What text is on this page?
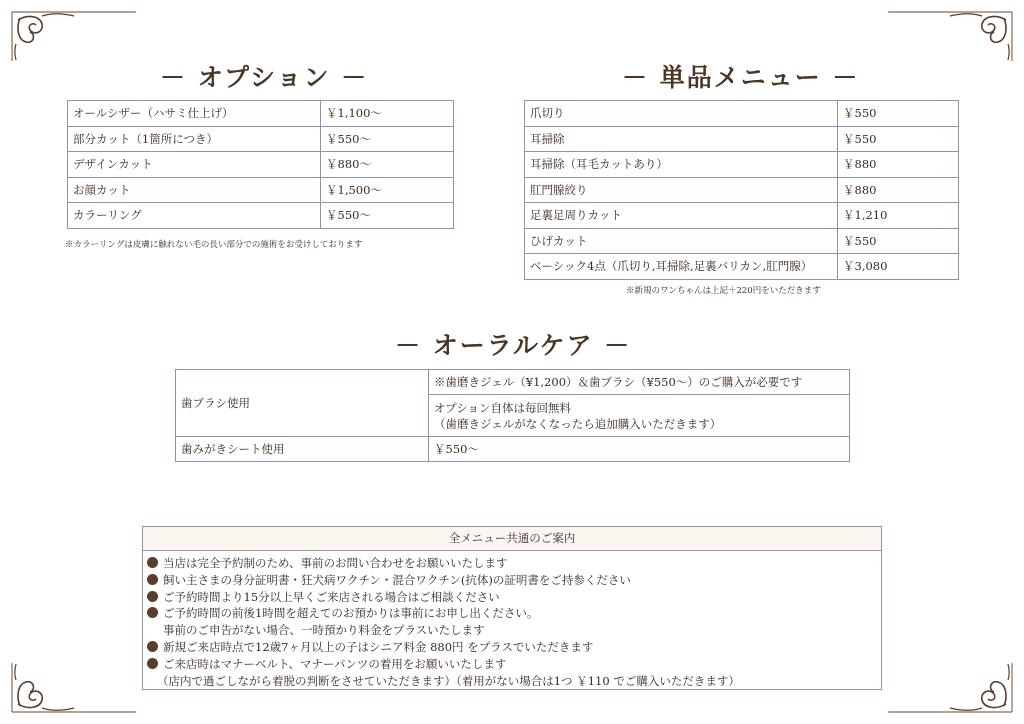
－ オプション －
オールシザー（ハサミ仕上げ）	￥1,100～
部分カット（1箇所につき）	￥550～
デザインカット	￥880～
お顔カット	￥1,500～
カラーリング	￥550～
※カラーリングは皮膚に触れない毛の長い部分での施術をお受けしております
－ 単品メニュー －
爪切り	￥550
耳掃除	￥550
耳掃除（耳毛カットあり）	￥880
肛門腺絞り	￥880
足裏足周りカット	￥1,210
ひげカット	￥550
ベーシック4点（爪切り,耳掃除,足裏バリカン,肛門腺）	￥3,080
※新規のワンちゃんは上記＋220円をいただきます
－ オーラルケア －
歯ブラシ使用	※歯磨きジェル（¥1,200）＆歯ブラシ（¥550～）のご購入が必要です

	オプション自体は毎回無料
（歯磨きジェルがなくなったら追加購入いただきます）

歯みがきシート使用	￥550～
全メニュー共通のご案内
当店は完全予約制のため、事前のお問い合わせをお願いいたします
飼い主さまの身分証明書・狂犬病ワクチン・混合ワクチン(抗体)の証明書をご持参ください
ご予約時間より15分以上早くご来店される場合はご相談ください
ご予約時間の前後1時間を超えてのお預かりは事前にお申し出ください。
事前のご申告がない場合、一時預かり料金をプラスいたします
新規ご来店時点で12歳7ヶ月以上の子はシニア料金 880円 をプラスでいただきます
ご来店時はマナーベルト、マナーパンツの着用をお願いいたします
（店内で過ごしながら着脱の判断をさせていただきます）（着用がない場合は1つ ￥110 でご購入いただきます）
